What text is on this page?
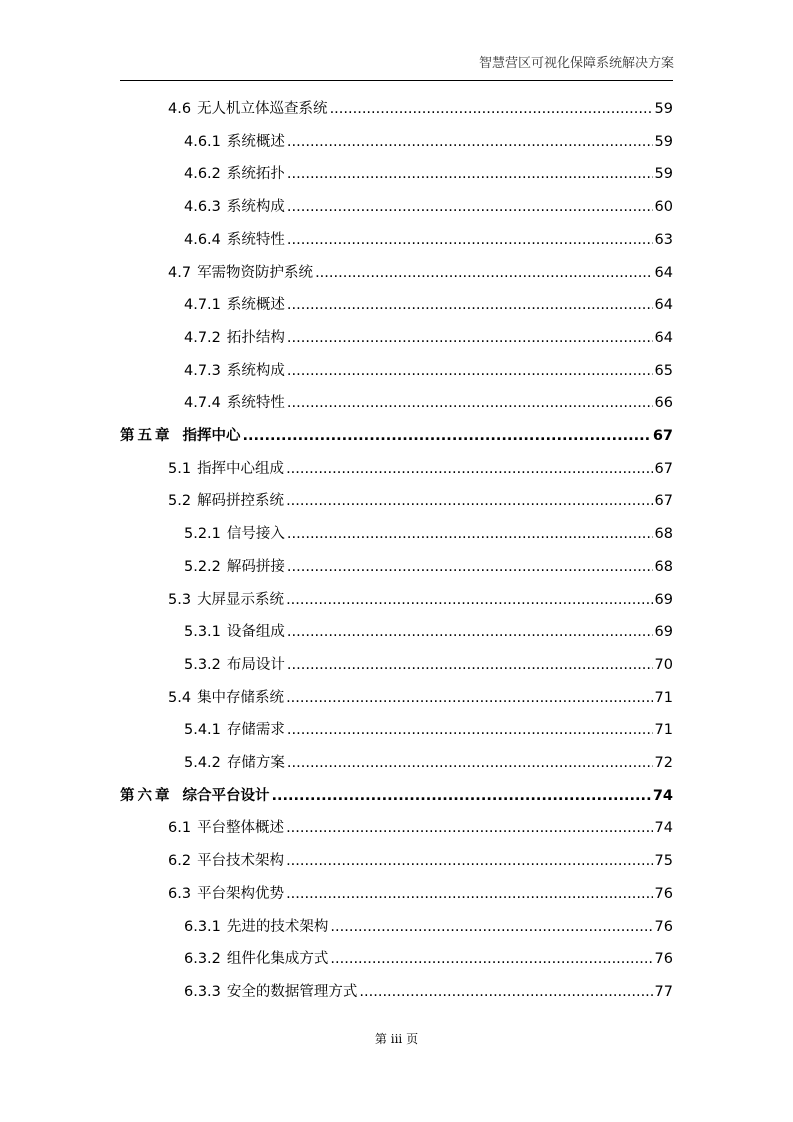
智慧营区可视化保障系统解决方案
4.6 无人机立体巡查系统 .....	59
4.6.1 系统概述 .....	59
4.6.2 系统拓扑 .....	59
4.6.3 系统构成 .....	60
4.6.4 系统特性 .....	63
4.7 军需物资防护系统 .....	64
4.7.1 系统概述 .....	64
4.7.2 拓扑结构 .....	64
4.7.3 系统构成 .....	65
4.7.4 系统特性 .....	66
第五章 指挥中心 .....	67
5.1 指挥中心组成 .....	67
5.2 解码拼控系统 .....	67
5.2.1 信号接入 .....	68
5.2.2 解码拼接 .....	68
5.3 大屏显示系统 .....	69
5.3.1 设备组成 .....	69
5.3.2 布局设计 .....	70
5.4 集中存储系统 .....	71
5.4.1 存储需求 .....	71
5.4.2 存储方案 .....	72
第六章 综合平台设计 .....	74
6.1 平台整体概述 .....	74
6.2 平台技术架构 .....	75
6.3 平台架构优势 .....	76
6.3.1 先进的技术架构 .....	76
6.3.2 组件化集成方式 .....	76
6.3.3 安全的数据管理方式 .....	77
第 iii 页
